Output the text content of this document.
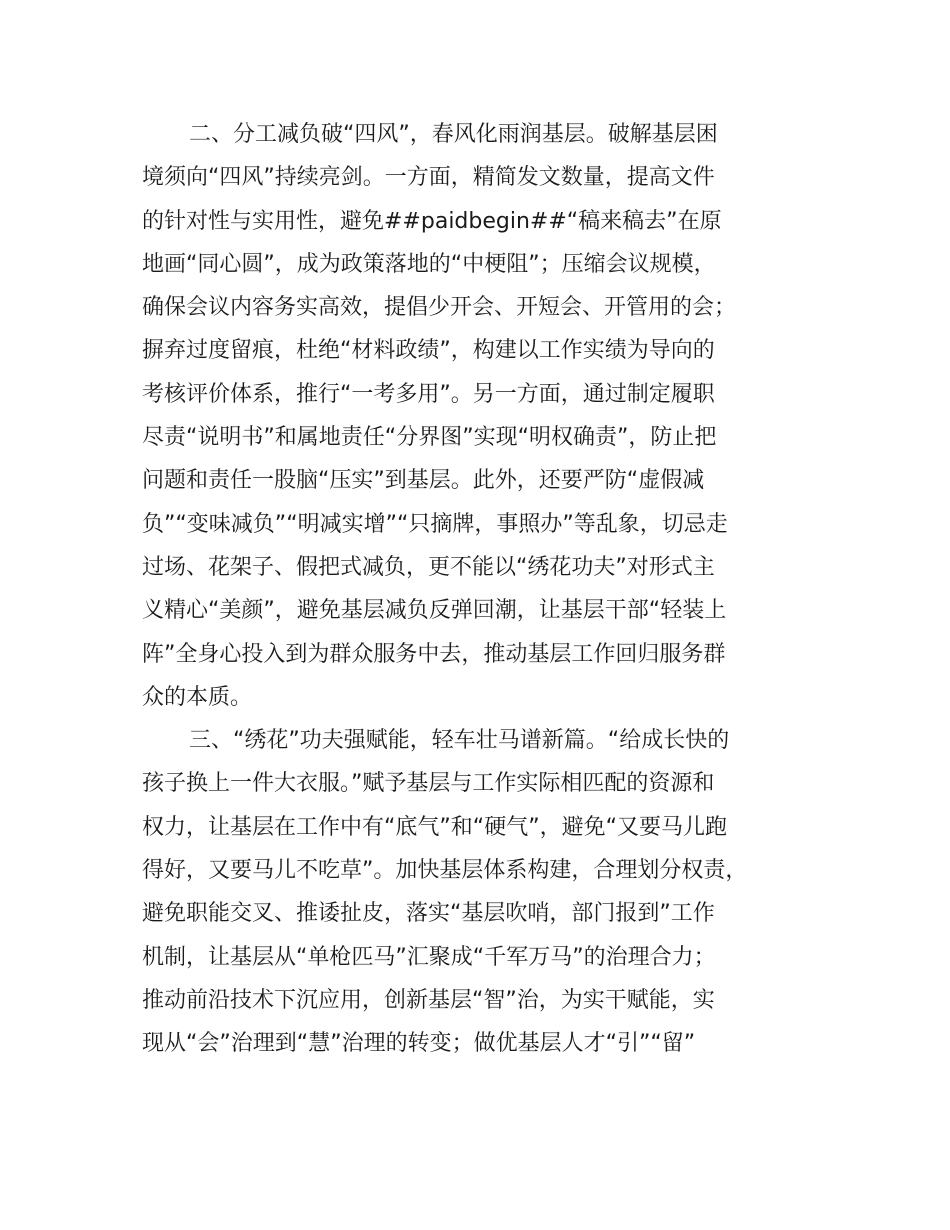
二、分工减负破“四风”，春风化雨润基层。破解基层困
境须向“四风”持续亮剑。一方面，精简发文数量，提高文件
的针对性与实用性，避免##paidbegin##“稿来稿去”在原
地画“同心圆”，成为政策落地的“中梗阻”；压缩会议规模，
确保会议内容务实高效，提倡少开会、开短会、开管用的会；
摒弃过度留痕，杜绝“材料政绩”，构建以工作实绩为导向的
考核评价体系，推行“一考多用”。另一方面，通过制定履职
尽责“说明书”和属地责任“分界图”实现“明权确责”，防止把
问题和责任一股脑“压实”到基层。此外，还要严防“虚假减
负”“变味减负”“明减实增”“只摘牌，事照办”等乱象，切忌走
过场、花架子、假把式减负，更不能以“绣花功夫”对形式主
义精心“美颜”，避免基层减负反弹回潮，让基层干部“轻装上
阵”全身心投入到为群众服务中去，推动基层工作回归服务群
众的本质。
三、“绣花”功夫强赋能，轻车壮马谱新篇。“给成长快的
孩子换上一件大衣服。”赋予基层与工作实际相匹配的资源和
权力，让基层在工作中有“底气”和“硬气”，避免“又要马儿跑
得好，又要马儿不吃草”。加快基层体系构建，合理划分权责，
避免职能交叉、推诿扯皮，落实“基层吹哨，部门报到”工作
机制，让基层从“单枪匹马”汇聚成“千军万马”的治理合力；
推动前沿技术下沉应用，创新基层“智”治，为实干赋能，实
现从“会”治理到“慧”治理的转变；做优基层人才“引”“留”
